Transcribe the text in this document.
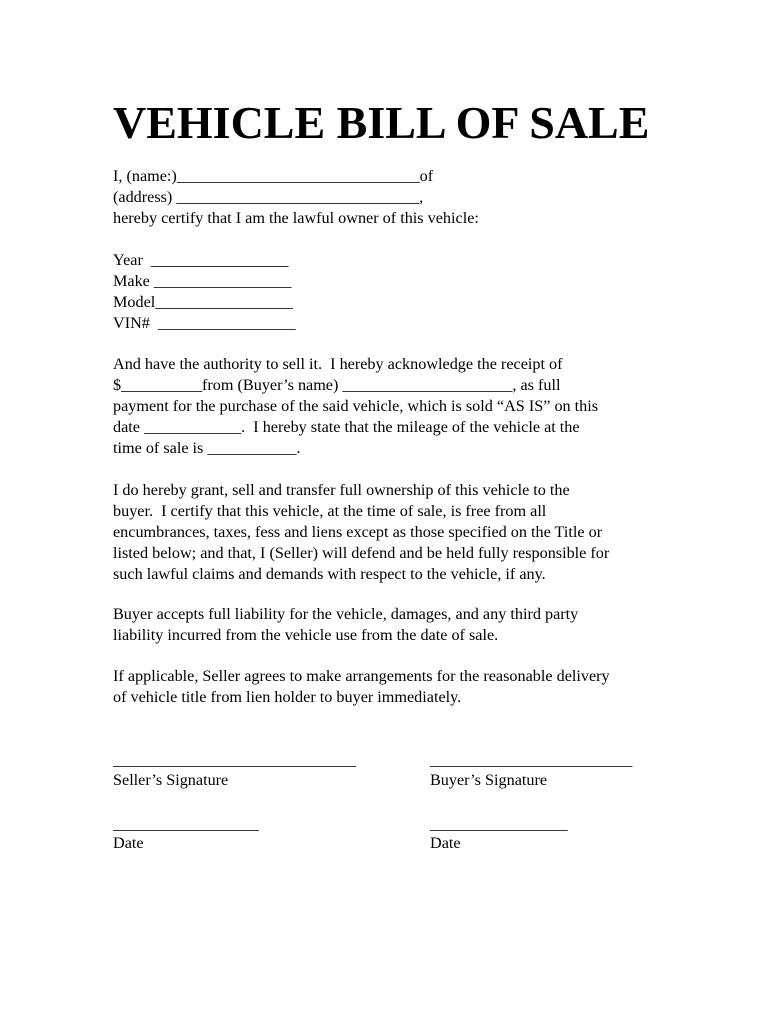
VEHICLE BILL OF SALE
I, (name:)______________________________of
(address) ______________________________,
hereby certify that I am the lawful owner of this vehicle:
Year  _________________
Make _________________
Model_________________
VIN#  _________________
And have the authority to sell it.  I hereby acknowledge the receipt of
$__________from (Buyer’s name) _____________________, as full
payment for the purchase of the said vehicle, which is sold “AS IS” on this
date ____________.  I hereby state that the mileage of the vehicle at the
time of sale is ___________.
I do hereby grant, sell and transfer full ownership of this vehicle to the
buyer.  I certify that this vehicle, at the time of sale, is free from all
encumbrances, taxes, fess and liens except as those specified on the Title or
listed below; and that, I (Seller) will defend and be held fully responsible for
such lawful claims and demands with respect to the vehicle, if any.
Buyer accepts full liability for the vehicle, damages, and any third party
liability incurred from the vehicle use from the date of sale.
If applicable, Seller agrees to make arrangements for the reasonable delivery
of vehicle title from lien holder to buyer immediately.
______________________________
Seller’s Signature
_________________________
Buyer’s Signature
__________________
Date
_________________
Date
